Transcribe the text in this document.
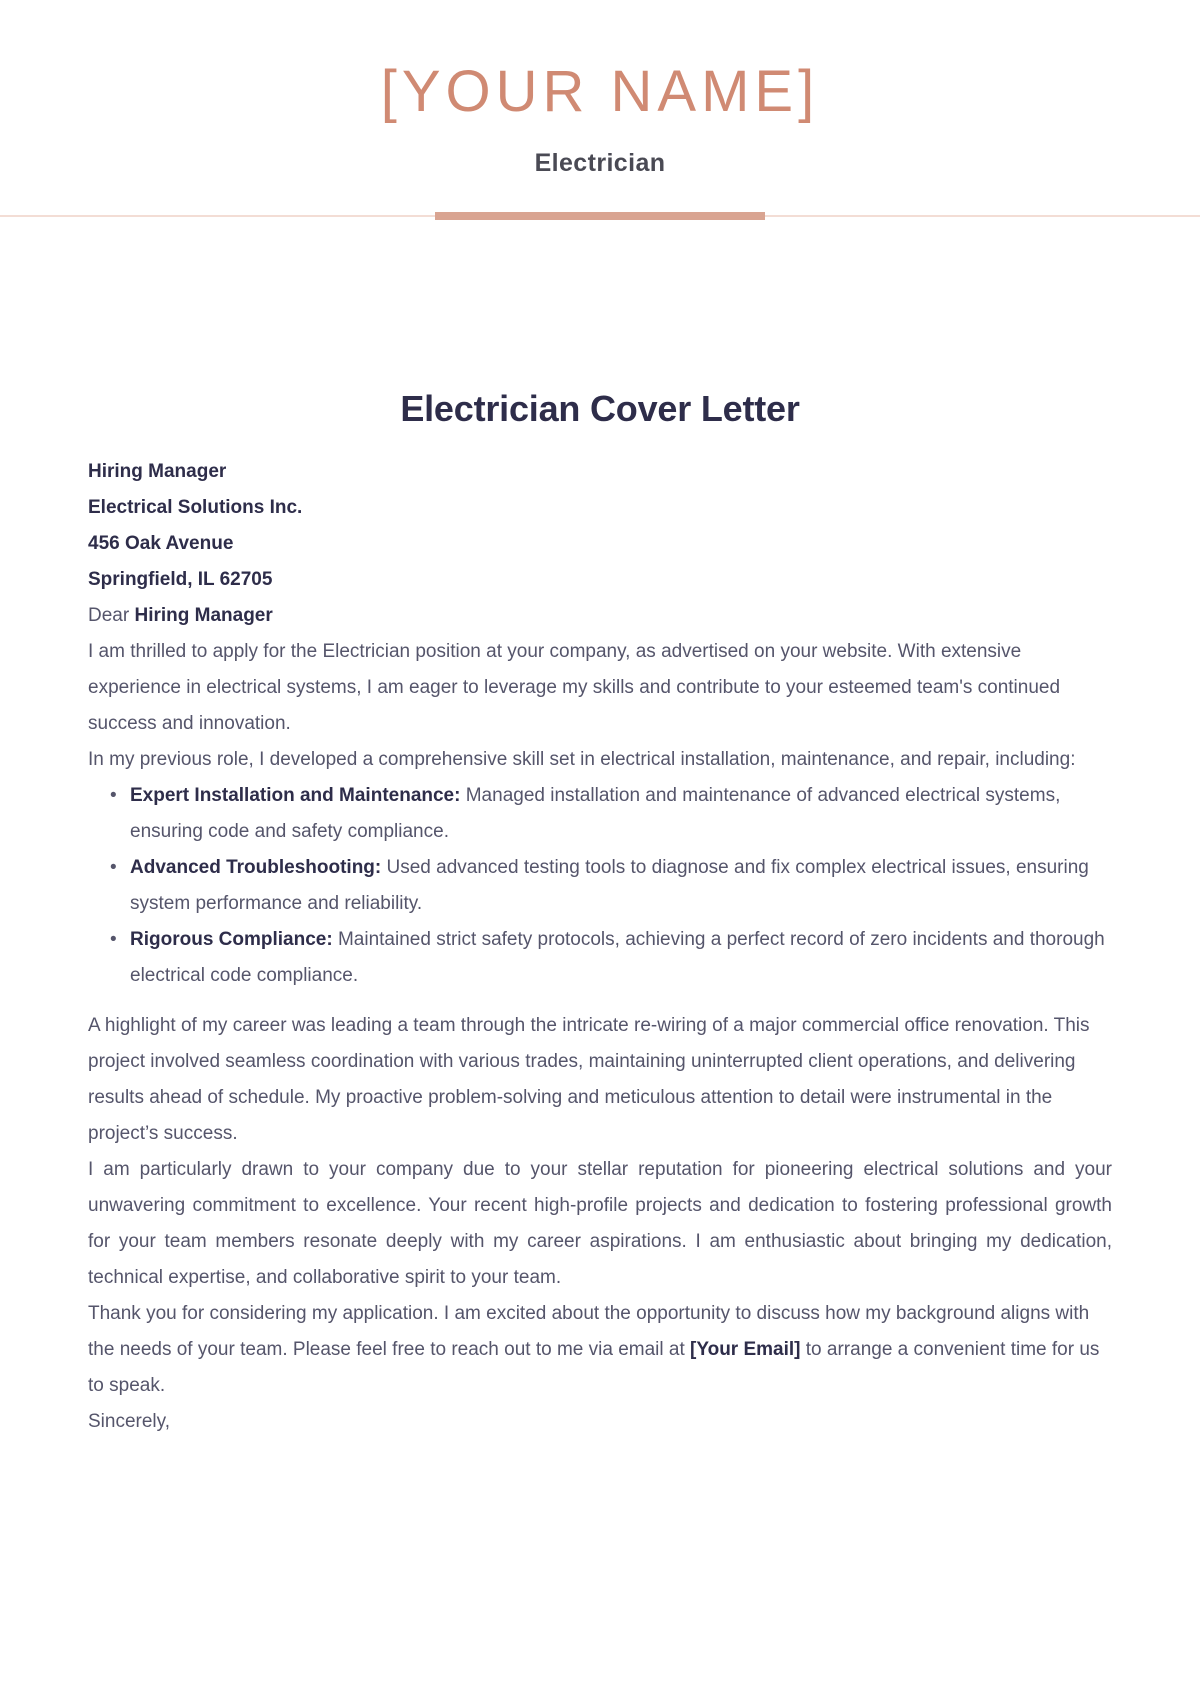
[YOUR NAME]
Electrician
Electrician Cover Letter
Hiring Manager
Electrical Solutions Inc.
456 Oak Avenue
Springfield, IL 62705
Dear Hiring Manager

I am thrilled to apply for the Electrician position at your company, as advertised on your website. With extensive experience in electrical systems, I am eager to leverage my skills and contribute to your esteemed team's continued success and innovation.

In my previous role, I developed a comprehensive skill set in electrical installation, maintenance, and repair, including:

• Expert Installation and Maintenance: Managed installation and maintenance of advanced electrical systems, ensuring code and safety compliance.
• Advanced Troubleshooting: Used advanced testing tools to diagnose and fix complex electrical issues, ensuring system performance and reliability.
• Rigorous Compliance: Maintained strict safety protocols, achieving a perfect record of zero incidents and thorough electrical code compliance.

A highlight of my career was leading a team through the intricate re-wiring of a major commercial office renovation. This project involved seamless coordination with various trades, maintaining uninterrupted client operations, and delivering results ahead of schedule. My proactive problem-solving and meticulous attention to detail were instrumental in the project’s success.

I am particularly drawn to your company due to your stellar reputation for pioneering electrical solutions and your unwavering commitment to excellence. Your recent high-profile projects and dedication to fostering professional growth for your team members resonate deeply with my career aspirations. I am enthusiastic about bringing my dedication, technical expertise, and collaborative spirit to your team.

Thank you for considering my application. I am excited about the opportunity to discuss how my background aligns with the needs of your team. Please feel free to reach out to me via email at [Your Email] to arrange a convenient time for us to speak.

Sincerely,
